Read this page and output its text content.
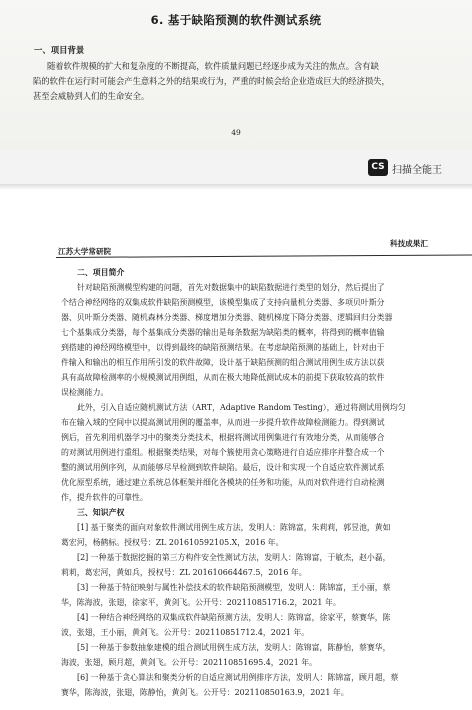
6. 基于缺陷预测的软件测试系统
一、项目背景
随着软件规模的扩大和复杂度的不断提高，软件质量问题已经逐步成为关注的焦点。含有缺
陷的软件在运行时可能会产生意料之外的结果或行为，严重的时候会给企业造成巨大的经济损失，
甚至会威胁到人们的生命安全。
49
CS 扫描全能王
科技成果汇
江苏大学常研院
二、项目简介
针对缺陷预测模型构建的问题，首先对数据集中的缺陷数据进行类型的划分，然后提出了
个结合神经网络的双集成软件缺陷预测模型，该模型集成了支持向量机分类器、多项贝叶斯分
器、贝叶斯分类器、随机森林分类器、梯度增加分类器、随机梯度下降分类器、逻辑回归分类器
七个基集成分类器，每个基集成分类器的输出是每条数据为缺陷类的概率，将得到的概率值输
到搭建的神经网络模型中，以得到最终的缺陷预测结果。在考虑缺陷预测的基础上，针对由于
件输入和输出的相互作用所引发的软件故障，设计基于缺陷预测的组合测试用例生成方法以获
具有高故障检测率的小规模测试用例组，从而在极大地降低测试成本的前提下获取较高的软件
误检测能力。
此外，引入自适应随机测试方法（ART，Adaptive Random Testing），通过将测试用例均匀
布在输入域的空间中以提高测试用例的覆盖率，从而进一步提升软件故障检测能力。得到测试
例后，首先利用机器学习中的聚类分类技术，根据将测试用例集进行有效地分类，从而能够合
的对测试用例进行重组。根据聚类结果，对每个簇使用贪心策略进行自适应排序并整合成一个
整的测试用例序列，从而能够尽早检测到软件缺陷。最后，设计和实现一个自适应软件测试系
优化原型系统，通过建立系统总体框架并细化各模块的任务和功能，从而对软件进行自动检测
作，提升软件的可靠性。
三、知识产权
[1] 基于聚类的面向对象软件测试用例生成方法，发明人：陈锦富，朱莉莉，郭昱池，黄如
葛宏河，杨鹤标。授权号：ZL 201610592105.X，2016 年。
[2] 一种基于数据挖掘的第三方构件安全性测试方法，发明人：陈锦富，于敏杰，赵小磊，
莉莉，葛宏河，黄如兵，授权号：ZL 201610664467.5，2016 年。
[3] 一种基于特征映射与属性补偿技术的软件缺陷预测模型，发明人：陈锦富，王小丽，蔡
华，陈海波，张翅，徐家平，黄剑飞。公开号：202110851716.2，2021 年。
[4] 一种结合神经网络的双集成软件缺陷预测方法，发明人：陈锦富，徐家平，蔡赛华，陈
波，张翅，王小丽，黄剑飞。公开号：202110851712.4，2021 年。
[5] 一种基于参数抽象建模的组合测试用例生成方法，发明人：陈锦富，陈静怡，蔡赛华，
海波，张翅，顾月超，黄剑飞。公开号：202110851695.4，2021 年。
[6] 一种基于贪心算法和聚类分析的自适应测试用例排序方法，发明人：陈锦富，顾月超，蔡
赛华，陈海波，张翅，陈静怡，黄剑飞。公开号：202110850163.9，2021 年。
